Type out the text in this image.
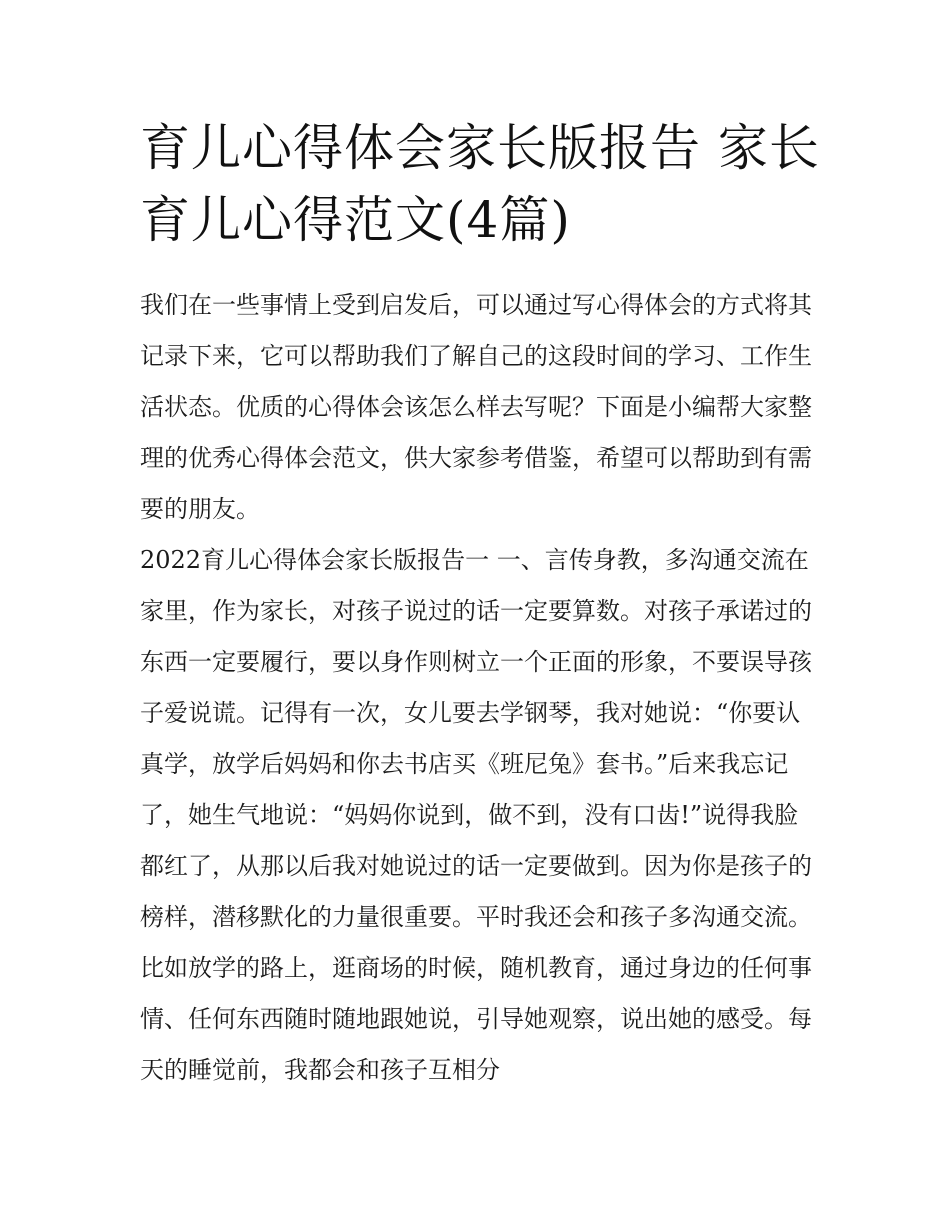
育儿心得体会家长版报告 家长育儿心得范文(4篇)

我们在一些事情上受到启发后，可以通过写心得体会的方式将其记录下来，它可以帮助我们了解自己的这段时间的学习、工作生活状态。优质的心得体会该怎么样去写呢？下面是小编帮大家整理的优秀心得体会范文，供大家参考借鉴，希望可以帮助到有需要的朋友。

2022育儿心得体会家长版报告一 一、言传身教，多沟通交流在家里，作为家长，对孩子说过的话一定要算数。对孩子承诺过的东西一定要履行，要以身作则树立一个正面的形象，不要误导孩子爱说谎。记得有一次，女儿要去学钢琴，我对她说：“你要认真学，放学后妈妈和你去书店买《班尼兔》套书。”后来我忘记了，她生气地说：“妈妈你说到，做不到，没有口齿!”说得我脸都红了，从那以后我对她说过的话一定要做到。因为你是孩子的榜样，潜移默化的力量很重要。平时我还会和孩子多沟通交流。比如放学的路上，逛商场的时候，随机教育，通过身边的任何事情、任何东西随时随地跟她说，引导她观察，说出她的感受。每天的睡觉前，我都会和孩子互相分
